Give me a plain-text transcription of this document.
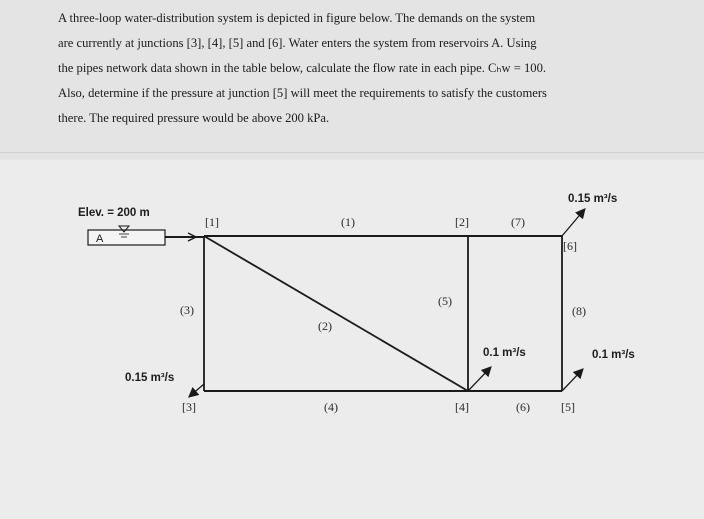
A three-loop water-distribution system is depicted in figure below. The demands on the system
are currently at junctions [3], [4], [5] and [6]. Water enters the system from reservoirs A. Using
the pipes network data shown in the table below, calculate the flow rate in each pipe. Cₕw = 100.
Also, determine if the pressure at junction [5] will meet the requirements to satisfy the customers
there. The required pressure would be above 200 kPa.
A
Elev. = 200 m
[1]	[2]
[3]	[4]	[5]
[6]
(1)
(2)
(3)
(4)
(5)
(6)
(7)
(8)
0.15 m³/s
0.1 m³/s	0.1 m³/s
0.15 m³/s
